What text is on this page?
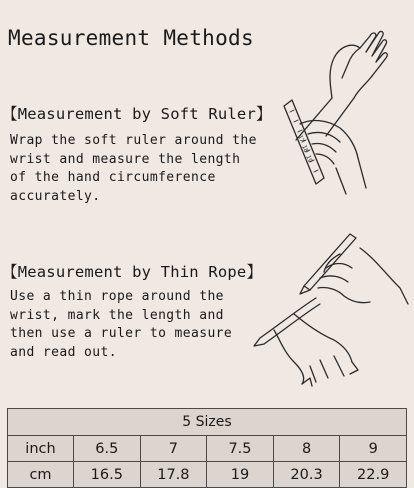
Measurement Methods
【Measurement by Soft Ruler】
Wrap the soft ruler around the
wrist and measure the length
of the hand circumference
accurately.
17 18 19
【Measurement by Thin Rope】
Use a thin rope around the
wrist, mark the length and
then use a ruler to measure
and read out.
5 Sizes					
inch	6.5	7	7.5	8	9
cm	16.5	17.8	19	20.3	22.9
